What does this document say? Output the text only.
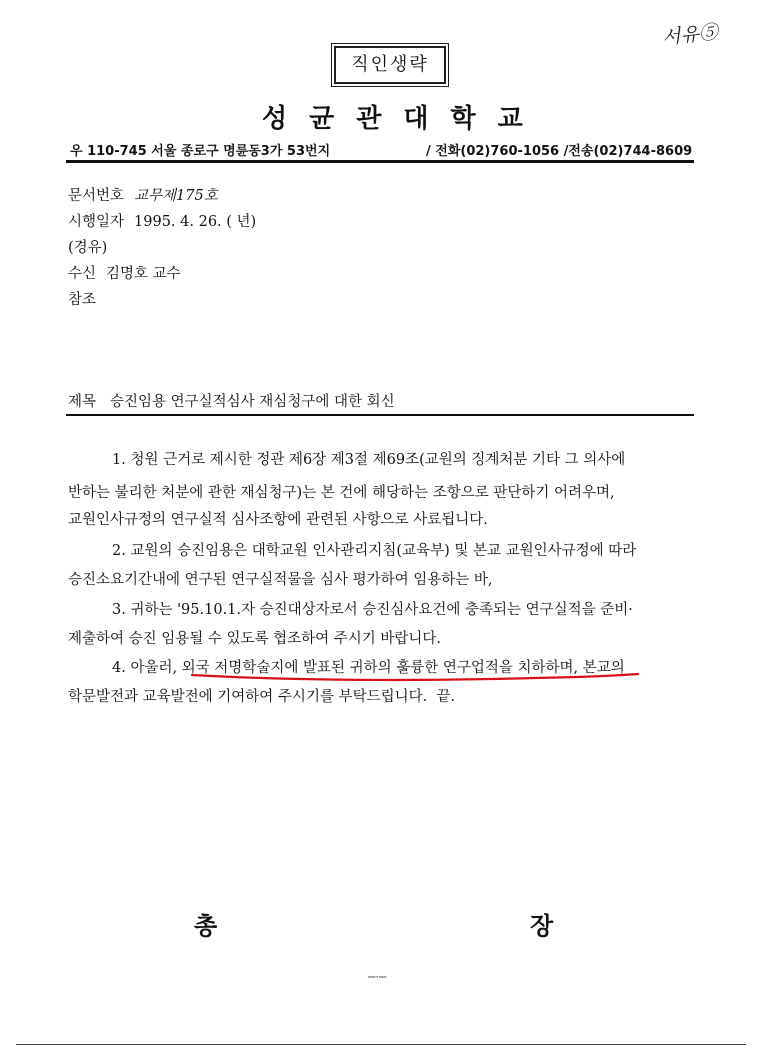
서유⑤
직인생략
성균관대학교
우 110-745 서울 종로구 명륜동3가 53번지	/ 전화(02)760-1056 /전송(02)744-8609
문서번호 교무제175호
시행일자 1995. 4. 26. ( 년)
(경유)
수신 김명호 교수
참조
제목 승진임용 연구실적심사 재심청구에 대한 회신
1. 청원 근거로 제시한 정관 제6장 제3절 제69조(교원의 징계처분 기타 그 의사에
반하는 불리한 처분에 관한 재심청구)는 본 건에 해당하는 조항으로 판단하기 어려우며,
교원인사규정의 연구실적 심사조항에 관련된 사항으로 사료됩니다.
2. 교원의 승진임용은 대학교원 인사관리지침(교육부) 및 본교 교원인사규정에 따라
승진소요기간내에 연구된 연구실적물을 심사 평가하여 임용하는 바,
3. 귀하는 '95.10.1.자 승진대상자로서 승진심사요건에 충족되는 연구실적을 준비·
제출하여 승진 임용될 수 있도록 협조하여 주시기 바랍니다.
4. 아울러, 외국 저명학술지에 발표된 귀하의 훌륭한 연구업적을 치하하며, 본교의
학문발전과 교육발전에 기여하여 주시기를 부탁드립니다. 끝.
총	장
─·─
